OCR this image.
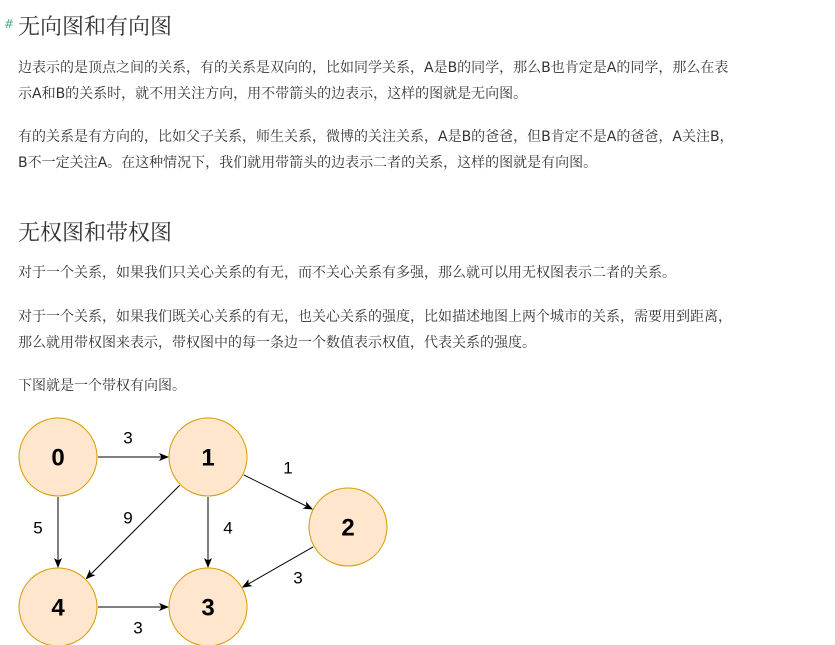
# 无向图和有向图

边表示的是顶点之间的关系，有的关系是双向的，比如同学关系，A是B的同学，那么B也肯定是A的同学，那么在表
示A和B的关系时，就不用关注方向，用不带箭头的边表示，这样的图就是无向图。

有的关系是有方向的，比如父子关系，师生关系，微博的关注关系，A是B的爸爸，但B肯定不是A的爸爸，A关注B，
B不一定关注A。在这种情况下，我们就用带箭头的边表示二者的关系，这样的图就是有向图。

无权图和带权图

对于一个关系，如果我们只关心关系的有无，而不关心关系有多强，那么就可以用无权图表示二者的关系。

对于一个关系，如果我们既关心关系的有无，也关心关系的强度，比如描述地图上两个城市的关系，需要用到距离，
那么就用带权图来表示，带权图中的每一条边一个数值表示权值，代表关系的强度。

下图就是一个带权有向图。

3
1
5
9
4
3
3
0	1
2
3
4
